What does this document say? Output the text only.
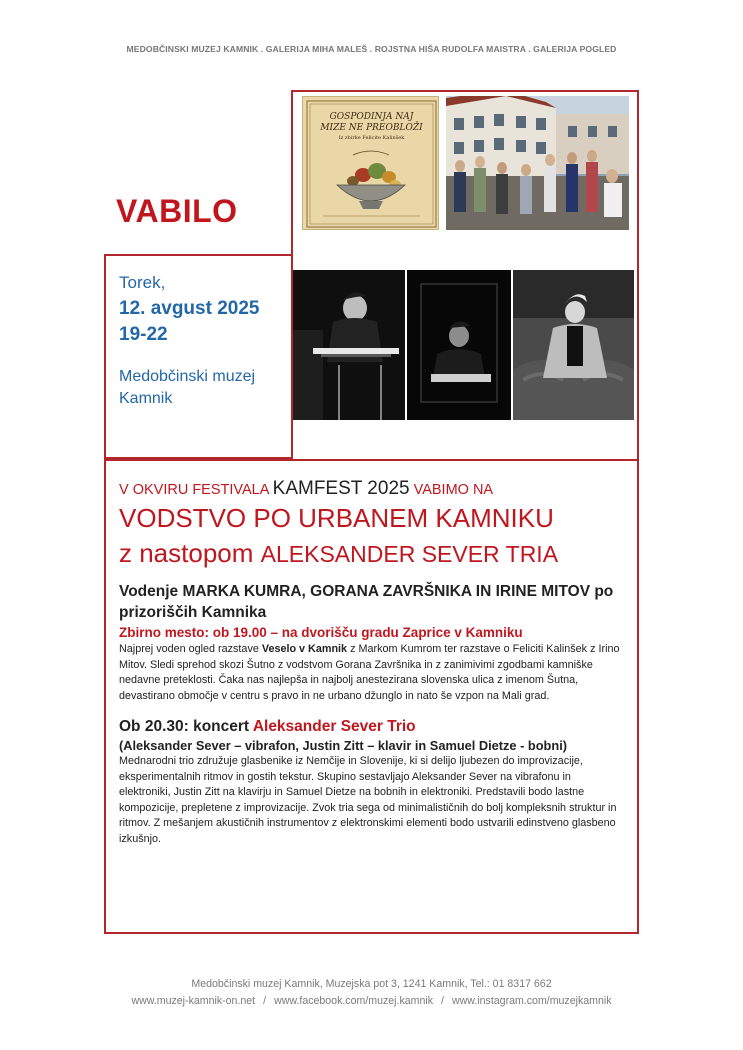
MEDOBČINSKI MUZEJ KAMNIK . GALERIJA MIHA MALEŠ . ROJSTNA HIŠA RUDOLFA MAISTRA . GALERIJA POGLED
VABILO
Torek,
12. avgust 2025
19-22
Medobčinski muzej
Kamnik
GOSPODINJA NAJ
MIZE NE PREOBLOŽI
Iz zbirke Felicite Kalinšek
V OKVIRU FESTIVALA KAMFEST 2025 VABIMO NA
VODSTVO PO URBANEM KAMNIKU
z nastopom ALEKSANDER SEVER TRIA
Vodenje MARKA KUMRA, GORANA ZAVRŠNIKA IN IRINE MITOV po prizoriščih Kamnika
Zbirno mesto: ob 19.00 – na dvorišču gradu Zaprice v Kamniku
Najprej voden ogled razstave Veselo v Kamnik z Markom Kumrom ter razstave o Feliciti Kalinšek z Irino Mitov. Sledi sprehod skozi Šutno z vodstvom Gorana Završnika in z zanimivimi zgodbami kamniške nedavne preteklosti. Čaka nas najlepša in najbolj anestezirana slovenska ulica z imenom Šutna, devastirano območje v centru s pravo in ne urbano džunglo in nato še vzpon na Mali grad.
Ob 20.30: koncert Aleksander Sever Trio
(Aleksander Sever – vibrafon, Justin Zitt – klavir in Samuel Dietze - bobni)
Mednarodni trio združuje glasbenike iz Nemčije in Slovenije, ki si delijo ljubezen do improvizacije, eksperimentalnih ritmov in gostih tekstur. Skupino sestavljajo Aleksander Sever na vibrafonu in elektroniki, Justin Zitt na klavirju in Samuel Dietze na bobnih in elektroniki. Predstavili bodo lastne kompozicije, prepletene z improvizacije. Zvok tria sega od minimalističnih do bolj kompleksnih struktur in ritmov. Z mešanjem akustičnih instrumentov z elektronskimi elementi bodo ustvarili edinstveno glasbeno izkušnjo.
Medobčinski muzej Kamnik, Muzejska pot 3, 1241 Kamnik, Tel.: 01 8317 662
www.muzej-kamnik-on.net / www.facebook.com/muzej.kamnik / www.instagram.com/muzejkamnik
